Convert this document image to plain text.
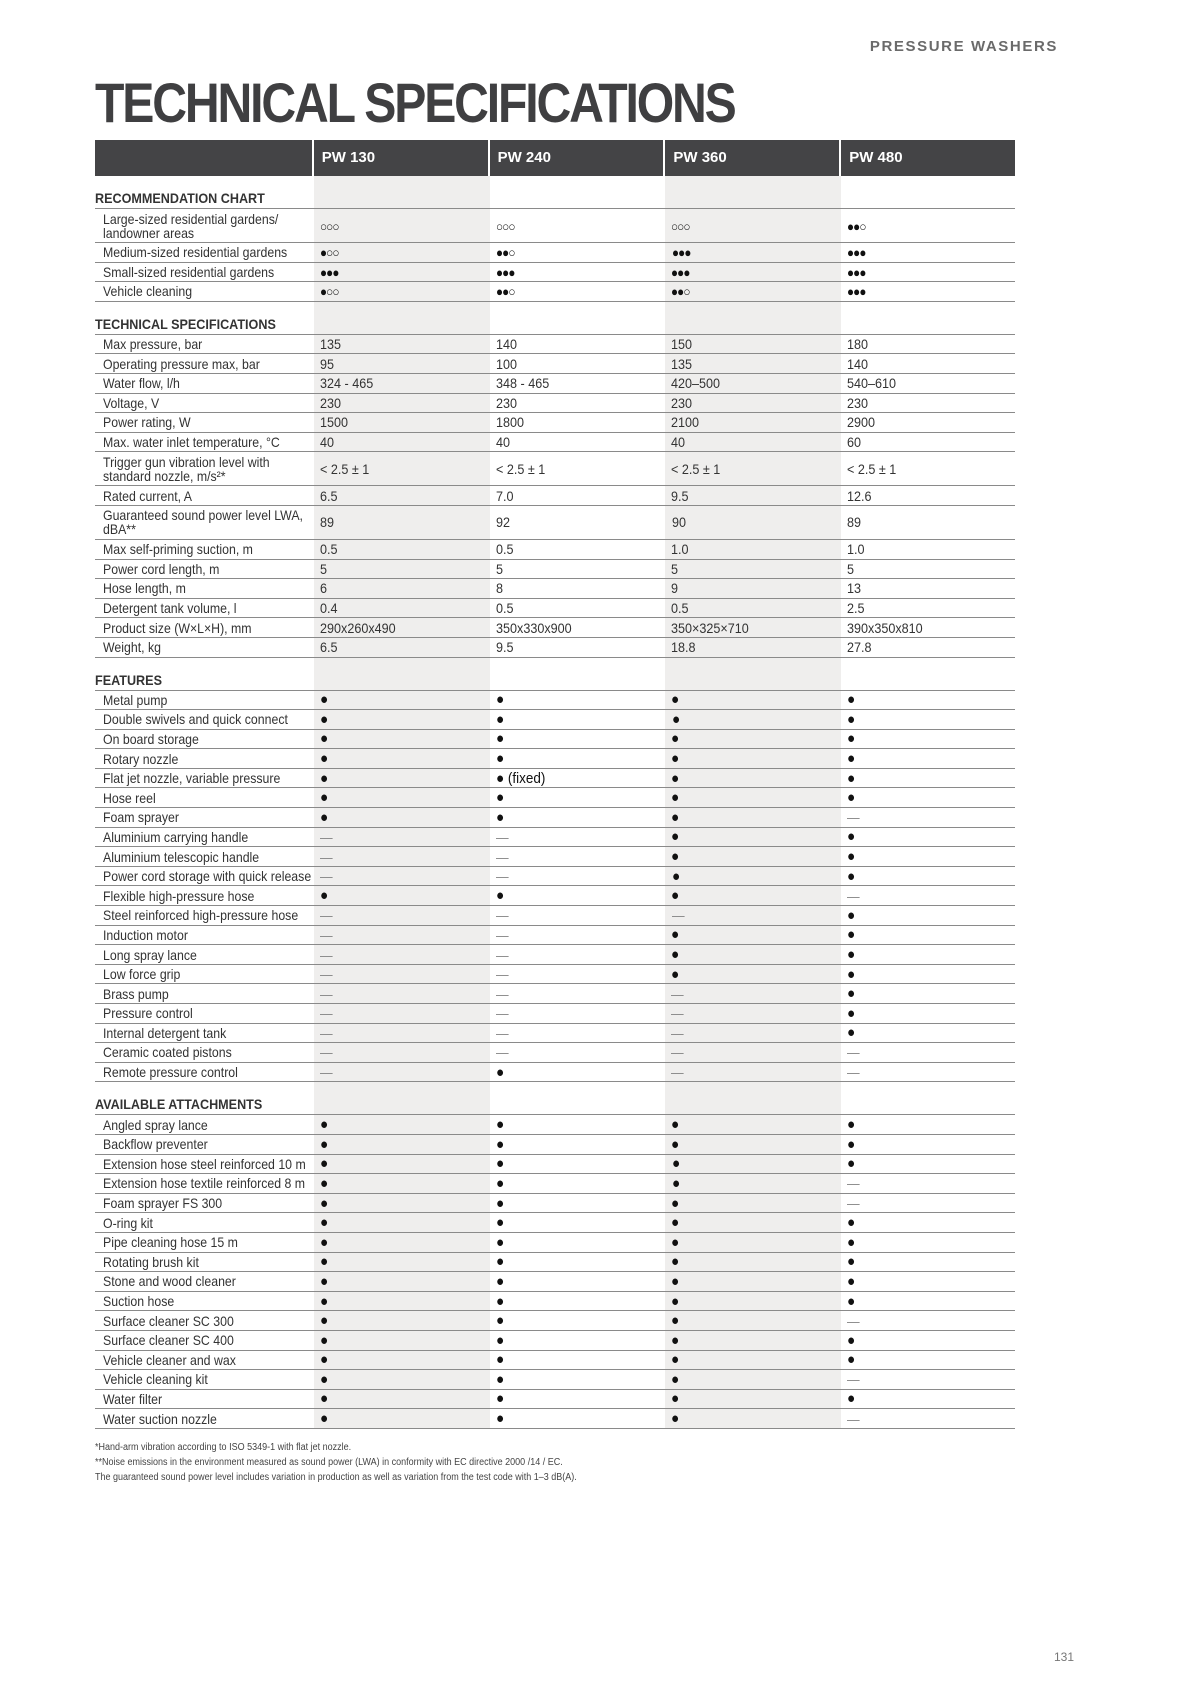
PRESSURE WASHERS
TECHNICAL SPECIFICATIONS
PW 130	PW 240	PW 360	PW 480
RECOMMENDATION CHART
Large-sized residential gardens/
landowner areas	○○○	○○○	○○○	●●○
Medium-sized residential gardens	●○○	●●○	●●●	●●●
Small-sized residential gardens	●●●	●●●	●●●	●●●
Vehicle cleaning	●○○	●●○	●●○	●●●
TECHNICAL SPECIFICATIONS
Max pressure, bar	135	140	150	180
Operating pressure max, bar	95	100	135	140
Water flow, l/h	324 - 465	348 - 465	420–500	540–610
Voltage, V	230	230	230	230
Power rating, W	1500	1800	2100	2900
Max. water inlet temperature, °C	40	40	40	60
Trigger gun vibration level with
standard nozzle, m/s²*	< 2.5 ± 1	< 2.5 ± 1	< 2.5 ± 1	< 2.5 ± 1
Rated current, A	6.5	7.0	9.5	12.6
Guaranteed sound power level LWA,
dBA**	89	92	90	89
Max self-priming suction, m	0.5	0.5	1.0	1.0
Power cord length, m	5	5	5	5
Hose length, m	6	8	9	13
Detergent tank volume, l	0.4	0.5	0.5	2.5
Product size (W×L×H), mm	290x260x490	350x330x900	350×325×710	390x350x810
Weight, kg	6.5	9.5	18.8	27.8
FEATURES
Metal pump	●	●	●	●
Double swivels and quick connect	●	●	●	●
On board storage	●	●	●	●
Rotary nozzle	●	●	●	●
Flat jet nozzle, variable pressure	●	● (fixed)	●	●
Hose reel	●	●	●	●
Foam sprayer	●	●	●	—
Aluminium carrying handle	—	—	●	●
Aluminium telescopic handle	—	—	●	●
Power cord storage with quick release —	—	●	●
Flexible high-pressure hose	●	●	●	—
Steel reinforced high-pressure hose	—	—	—	●
Induction motor	—	—	●	●
Long spray lance	—	—	●	●
Low force grip	—	—	●	●
Brass pump	—	—	—	●
Pressure control	—	—	—	●
Internal detergent tank	—	—	—	●
Ceramic coated pistons	—	—	—	—
Remote pressure control	—	●	—	—
AVAILABLE ATTACHMENTS
Angled spray lance	●	●	●	●
Backflow preventer	●	●	●	●
Extension hose steel reinforced 10 m ●	●	●	●
Extension hose textile reinforced 8 m ●	●	●	—
Foam sprayer FS 300	●	●	●	—
O-ring kit	●	●	●	●
Pipe cleaning hose 15 m	●	●	●	●
Rotating brush kit	●	●	●	●
Stone and wood cleaner	●	●	●	●
Suction hose	●	●	●	●
Surface cleaner SC 300	●	●	●	—
Surface cleaner SC 400	●	●	●	●
Vehicle cleaner and wax	●	●	●	●
Vehicle cleaning kit	●	●	●	—
Water filter	●	●	●	●
Water suction nozzle	●	●	●	—
*Hand-arm vibration according to ISO 5349-1 with flat jet nozzle.
**Noise emissions in the environment measured as sound power (LWA) in conformity with EC directive 2000 /14 / EC.
The guaranteed sound power level includes variation in production as well as variation from the test code with 1–3 dB(A).
131
